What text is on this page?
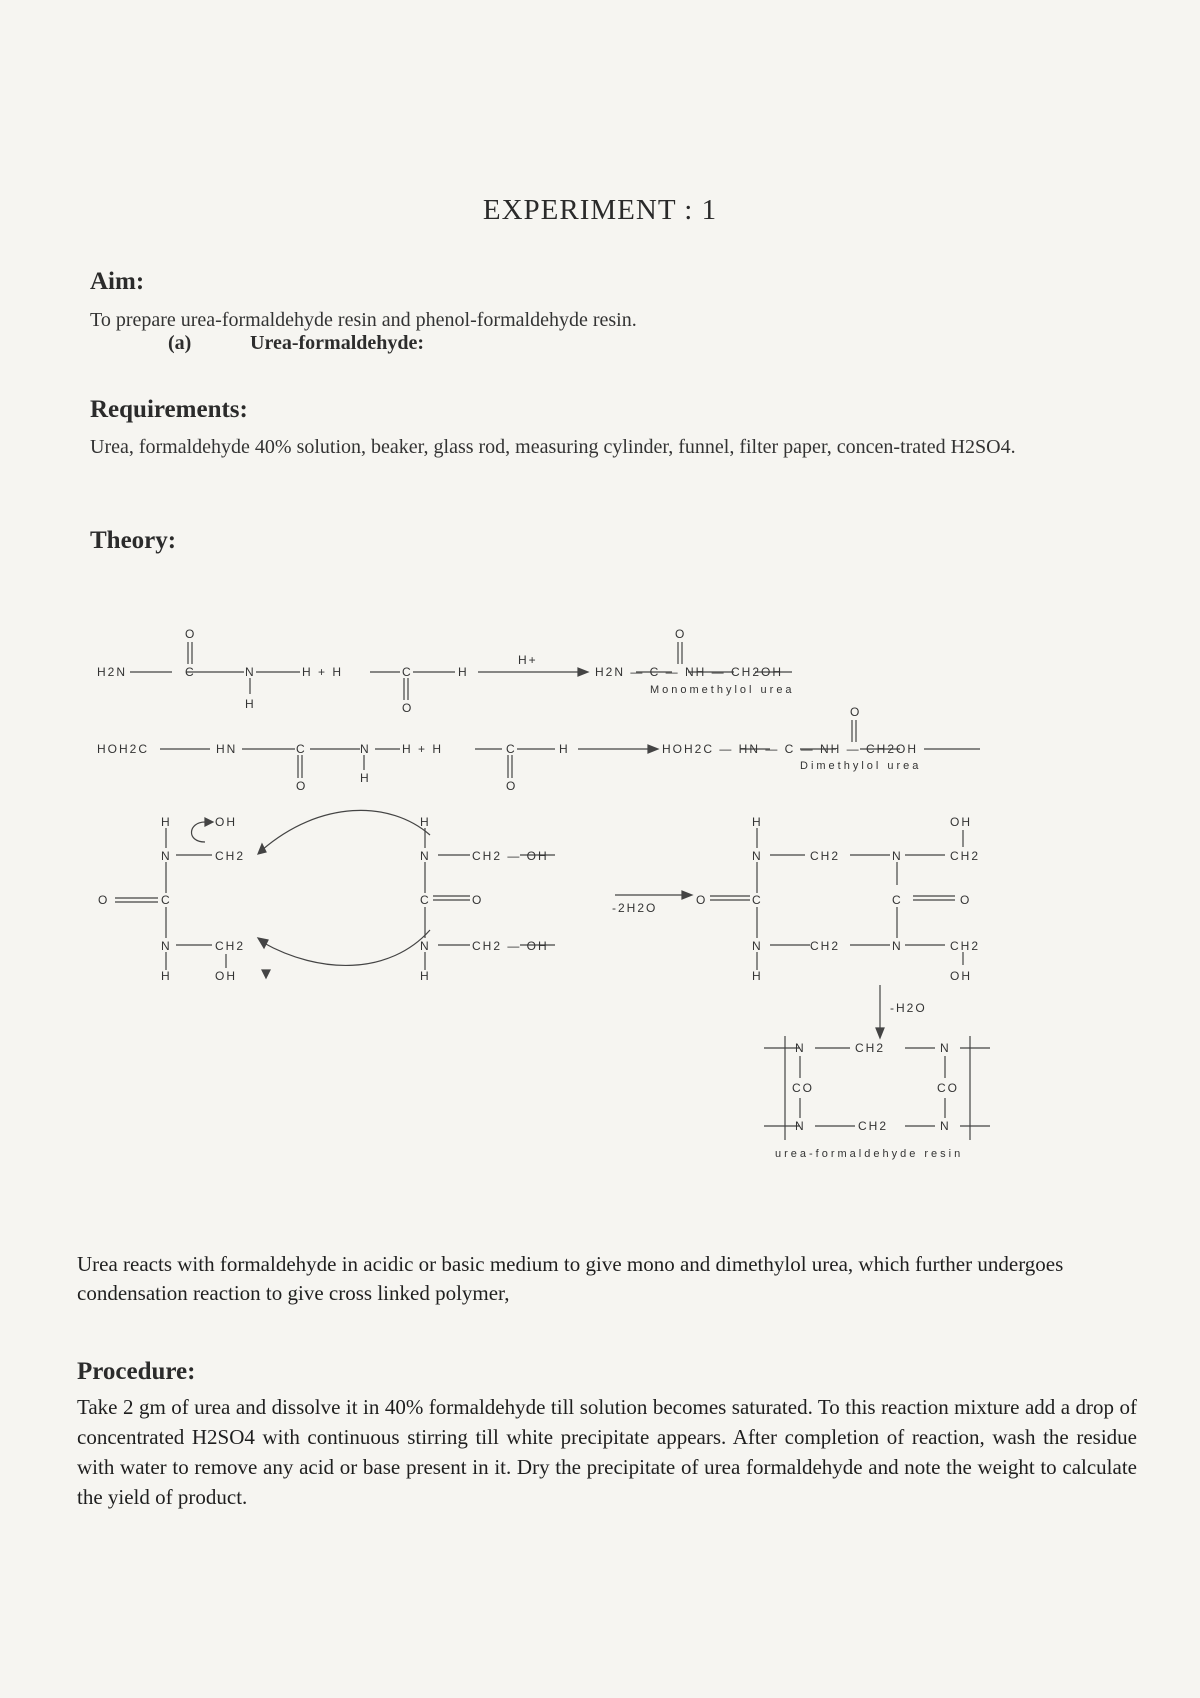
EXPERIMENT : 1
Aim:
To prepare urea-formaldehyde resin and phenol-formaldehyde resin.
(a)	Urea-formaldehyde:
Requirements:
Urea, formaldehyde 40% solution, beaker, glass rod, measuring cylinder, funnel, filter paper, concen-trated H2SO4.
Theory:
H2N
O
C	N
H
H + H	C
O
H
H+
O
H2N — C — NH — CH2OH
Monomethylol urea
HOH2C	HN	C
O
N
H
H + H	C
O
H
O
HOH2C — HN — C — NH — CH2OH
Dimethylol urea
H
N
O	C
N
H
OH
CH2
CH2
OH
H
N
C
N
H
O
CH2 — OH
CH2 — OH
-2H2O
H
N
O	C
N
H
CH2
CH2
N
C	O
N
OH
CH2
CH2
OH
-H2O
N	CH2	N
CO	CO
N	CH2	N
urea-formaldehyde resin
Urea reacts with formaldehyde in acidic or basic medium to give mono and dimethylol urea, which further undergoes condensation reaction to give cross linked polymer,
Procedure:
Take 2 gm of urea and dissolve it in 40% formaldehyde till solution becomes saturated. To this reaction mixture add a drop of concentrated H2SO4 with continuous stirring till white precipitate appears. After completion of reaction, wash the residue with water to remove any acid or base present in it. Dry the precipitate of urea formaldehyde and note the weight to calculate the yield of product.
